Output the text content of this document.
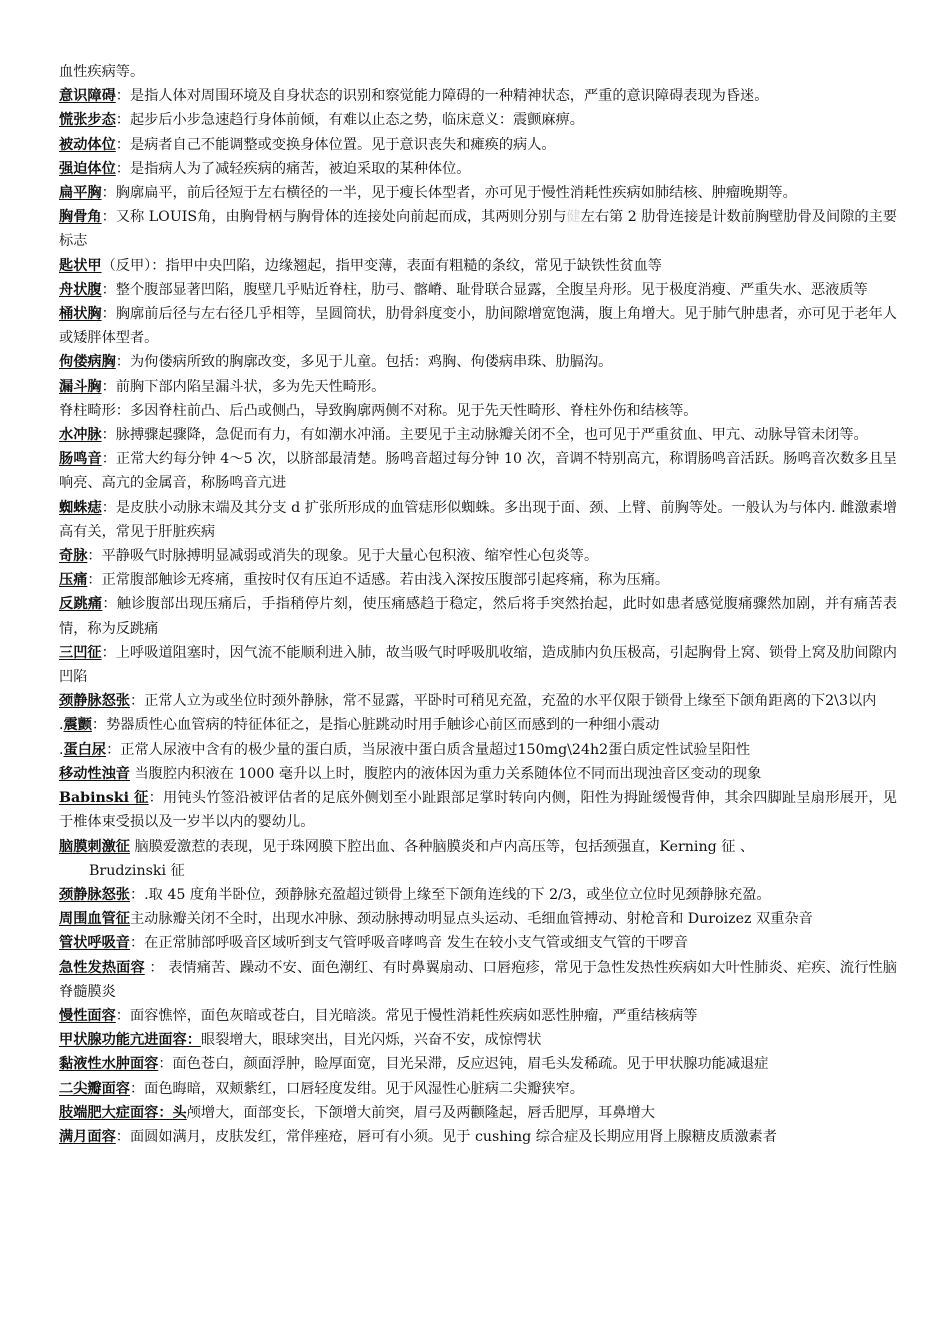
血性疾病等。

意识障碍：是指人体对周围环境及自身状态的识别和察觉能力障碍的一种精神状态，严重的意识障碍表现为昏迷。

慌张步态：起步后小步急速趋行身体前倾，有难以止态之势，临床意义：震颤麻痹。

被动体位：是病者自己不能调整或变换身体位置。见于意识丧失和瘫痪的病人。

强迫体位：是指病人为了减轻疾病的痛苦，被迫采取的某种体位。

扁平胸：胸廓扁平，前后径短于左右横径的一半，见于瘦长体型者，亦可见于慢性消耗性疾病如肺结核、肿瘤晚期等。

胸骨角：又称 LOUIS角，由胸骨柄与胸骨体的连接处向前起而成，其两则分别与健左右第 2 肋骨连接是计数前胸壁肋骨及间隙的主要标志

匙状甲（反甲）：指甲中央凹陷，边缘翘起，指甲变薄，表面有粗糙的条纹，常见于缺铁性贫血等

舟状腹：整个腹部显著凹陷，腹壁几乎贴近脊柱，肋弓、髂嵴、耻骨联合显露，全腹呈舟形。见于极度消瘦、严重失水、恶液质等

桶状胸：胸廓前后径与左右径几乎相等，呈圆筒状，肋骨斜度变小，肋间隙增宽饱满，腹上角增大。见于肺气肿患者，亦可见于老年人或矮胖体型者。

佝偻病胸：为佝偻病所致的胸廓改变，多见于儿童。包括：鸡胸、佝偻病串珠、肋膈沟。

漏斗胸：前胸下部内陷呈漏斗状，多为先天性畸形。

脊柱畸形：多因脊柱前凸、后凸或侧凸，导致胸廓两侧不对称。见于先天性畸形、脊柱外伤和结核等。

水冲脉：脉搏骤起骤降，急促而有力，有如潮水冲涌。主要见于主动脉瓣关闭不全，也可见于严重贫血、甲亢、动脉导管未闭等。

肠鸣音：正常大约每分钟 4～5 次，以脐部最清楚。肠鸣音超过每分钟 10 次，音调不特别高亢，称谓肠鸣音活跃。肠鸣音次数多且呈响亮、高亢的金属音，称肠鸣音亢进

蜘蛛痣：是皮肤小动脉末端及其分支 d 扩张所形成的血管痣形似蜘蛛。多出现于面、颈、上臂、前胸等处。一般认为与体内. 雌激素增高有关，常见于肝脏疾病

奇脉：平静吸气时脉搏明显减弱或消失的现象。见于大量心包积液、缩窄性心包炎等。

压痛：正常腹部触诊无疼痛，重按时仅有压迫不适感。若由浅入深按压腹部引起疼痛，称为压痛。

反跳痛：触诊腹部出现压痛后，手指稍停片刻，使压痛感趋于稳定，然后将手突然抬起，此时如患者感觉腹痛骤然加剧，并有痛苦表情，称为反跳痛

三凹征：上呼吸道阻塞时，因气流不能顺利进入肺，故当吸气时呼吸肌收缩，造成肺内负压极高，引起胸骨上窝、锁骨上窝及肋间隙内凹陷

颈静脉怒张：正常人立为或坐位时颈外静脉，常不显露，平卧时可稍见充盈，充盈的水平仅限于锁骨上缘至下颌角距离的下2\3以内

.震颤：势器质性心血管病的特征体征之，是指心脏跳动时用手触诊心前区而感到的一种细小震动

.蛋白尿：正常人尿液中含有的极少量的蛋白质，当尿液中蛋白质含量超过150mg\24h2蛋白质定性试验呈阳性

移动性浊音 当腹腔内积液在 1000 毫升以上时，腹腔内的液体因为重力关系随体位不同而出现浊音区变动的现象

Babinski 征：用钝头竹签沿被评估者的足底外侧划至小趾跟部足掌时转向内侧，阳性为拇趾缓慢背伸，其余四脚趾呈扇形展开，见于椎体束受损以及一岁半以内的婴幼儿。

脑膜刺激征 脑膜爱激惹的表现，见于珠网膜下腔出血、各种脑膜炎和卢内高压等，包括颈强直，Kerning 征 、

Brudzinski 征

颈静脉怒张：.取 45 度角半卧位，颈静脉充盈超过锁骨上缘至下颌角连线的下 2/3，或坐位立位时见颈静脉充盈。

周围血管征主动脉瓣关闭不全时，出现水冲脉、颈动脉搏动明显点头运动、毛细血管搏动、射枪音和 Duroizez 双重杂音

管状呼吸音：在正常肺部呼吸音区域听到支气管呼吸音哮鸣音 发生在较小支气管或细支气管的干啰音

急性发热面容 ： 表情痛苦、躁动不安、面色潮红、有时鼻翼扇动、口唇疱疹，常见于急性发热性疾病如大叶性肺炎、疟疾、流行性脑脊髓膜炎

慢性面容：面容憔悴，面色灰暗或苍白，目光暗淡。常见于慢性消耗性疾病如恶性肿瘤，严重结核病等

甲状腺功能亢进面容：眼裂增大，眼球突出，目光闪烁，兴奋不安，成惊愕状

黏液性水肿面容：面色苍白，颜面浮肿，睑厚面宽，目光呆滞，反应迟钝，眉毛头发稀疏。见于甲状腺功能减退症

二尖瓣面容：面色晦暗，双颊紫红，口唇轻度发绀。见于风湿性心脏病二尖瓣狭窄。

肢端肥大症面容：头颅增大，面部变长，下颌增大前突，眉弓及两颧隆起，唇舌肥厚，耳鼻增大

满月面容：面圆如满月，皮肤发红，常伴痤疮，唇可有小须。见于 cushing 综合症及长期应用肾上腺糖皮质激素者
